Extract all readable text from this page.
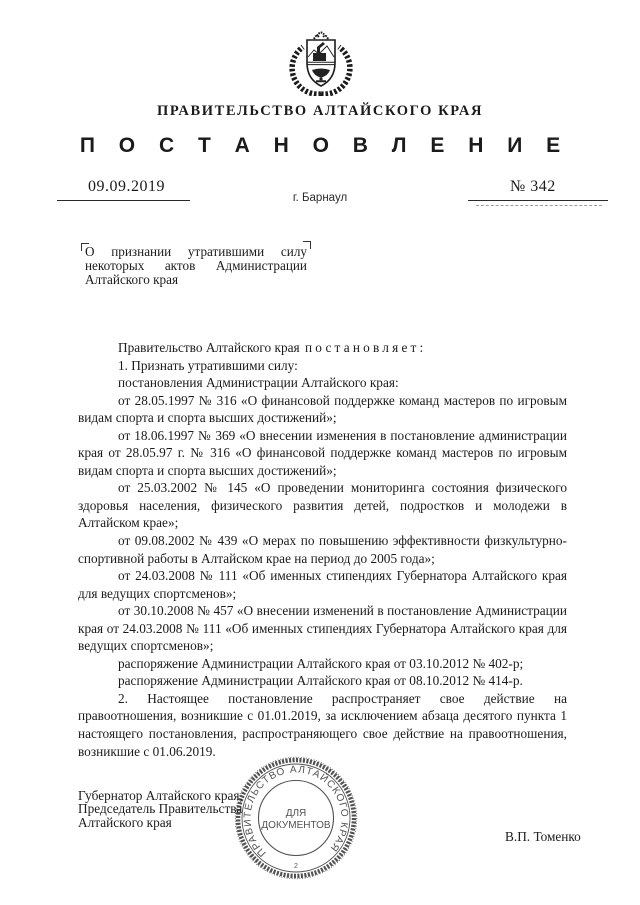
ПРАВИТЕЛЬСТВО АЛТАЙСКОГО КРАЯ
П О С Т А Н О В Л Е Н И Е
09.09.2019	№ 342
г. Барнаул
О признании утратившими силу некоторых актов Администрации Алтайского края

Правительство Алтайского края постановляет:

1. Признать утратившими силу:

постановления Администрации Алтайского края:

от 28.05.1997 № 316 «О финансовой поддержке команд мастеров по игровым видам спорта и спорта высших достижений»;

от 18.06.1997 № 369 «О внесении изменения в постановление администрации края от 28.05.97 г. № 316 «О финансовой поддержке команд мастеров по игровым видам спорта и спорта высших достижений»;

от 25.03.2002 № 145 «О проведении мониторинга состояния физического здоровья населения, физического развития детей, подростков и молодежи в Алтайском крае»;

от 09.08.2002 № 439 «О мерах по повышению эффективности физкультурно-спортивной работы в Алтайском крае на период до 2005 года»;

от 24.03.2008 № 111 «Об именных стипендиях Губернатора Алтайского края для ведущих спортсменов»;

от 30.10.2008 № 457 «О внесении изменений в постановление Администрации края от 24.03.2008 № 111 «Об именных стипендиях Губернатора Алтайского края для ведущих спортсменов»;

распоряжение Администрации Алтайского края от 03.10.2012 № 402-р;

распоряжение Администрации Алтайского края от 08.10.2012 № 414-р.

2. Настоящее постановление распространяет свое действие на правоотношения, возникшие с 01.01.2019, за исключением абзаца десятого пункта 1 настоящего постановления, распространяющего свое действие на правоотношения, возникшие с 01.06.2019.

Губернатор Алтайского края,
Председатель Правительства
Алтайского края
В.П. Томенко
ПРАВИТЕЛЬСТВО АЛТАЙСКОГО КРАЯ
ДЛЯ
ДОКУМЕНТОВ
2
